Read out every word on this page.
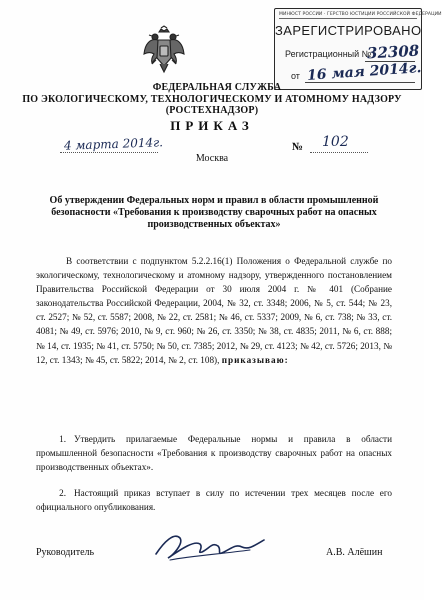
МИНЮСТ РОССИИ · ГЕРСТВО ЮСТИЦИИ РОССИЙСКОЙ ФЕДЕРАЦИИ
ЗАРЕГИСТРИРОВАНО
Регистрационный №
32308
от 16 мая 2014г.
ФЕДЕРАЛЬНАЯ СЛУЖБА
ПО ЭКОЛОГИЧЕСКОМУ, ТЕХНОЛОГИЧЕСКОМУ И АТОМНОМУ НАДЗОРУ
(РОСТЕХНАДЗОР)
ПРИКАЗ
4 марта 2014г.
Москва
№ 102
Об утверждении Федеральных норм и правил в области промышленной
безопасности «Требования к производству сварочных работ на опасных
производственных объектах»
В соответствии с подпунктом 5.2.2.16(1) Положения о Федеральной службе по экологическому, технологическому и атомному надзору, утвержденного постановлением Правительства Российской Федерации от 30 июля 2004 г. № 401 (Собрание законодательства Российской Федерации, 2004, № 32, ст. 3348; 2006, № 5, ст. 544; № 23, ст. 2527; № 52, ст. 5587; 2008, № 22, ст. 2581; № 46, ст. 5337; 2009, № 6, ст. 738; № 33, ст. 4081; № 49, ст. 5976; 2010, № 9, ст. 960; № 26, ст. 3350; № 38, ст. 4835; 2011, № 6, ст. 888; № 14, ст. 1935; № 41, ст. 5750; № 50, ст. 7385; 2012, № 29, ст. 4123; № 42, ст. 5726; 2013, № 12, ст. 1343; № 45, ст. 5822; 2014, № 2, ст. 108), приказываю:
1. Утвердить прилагаемые Федеральные нормы и правила в области промышленной безопасности «Требования к производству сварочных работ на опасных производственных объектах».
2. Настоящий приказ вступает в силу по истечении трех месяцев после его официального опубликования.
Руководитель	А.В. Алёшин
